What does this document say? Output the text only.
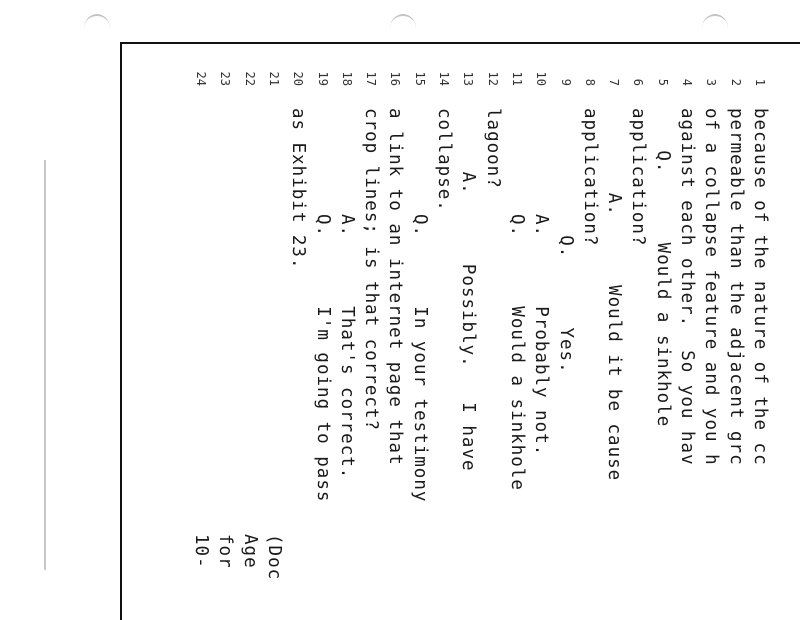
1
because of the nature of the cc
2
permeable than the adjacent grc
3
of a collapse feature and you h
4
against each other.  So you hav
5
Q.      Would a sinkhole
6
application?
7
A.      Would it be cause
8
application?
9
Q.      Yes.
10
A.      Probably not.
11
Q.      Would a sinkhole
12
lagoon?
13
A.      Possibly.   I have
14
collapse.
15
Q.      In your testimony
16
a link to an internet page that
17
crop lines; is that correct?
18
A.      That's correct.
19
Q.      I'm going to pass
20
as Exhibit 23.
21
(Doc
22
Age
23
for
24
10-
